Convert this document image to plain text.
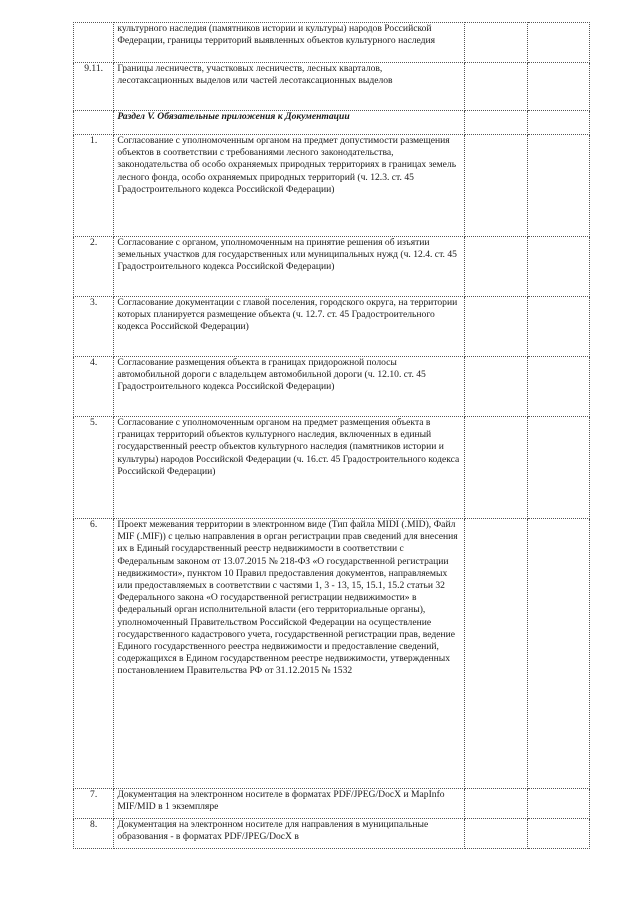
	культурного наследия (памятников истории и культуры) народов Российской Федерации, границы территорий выявленных объектов культурного наследия		
9.11.	Границы лесничеств, участковых лесничеств, лесных кварталов, лесотаксационных выделов или частей лесотаксационных выделов		
	Раздел V. Обязательные приложения к Документации		
1.	Согласование с уполномоченным органом на предмет допустимости размещения объектов в соответствии с требованиями лесного законодательства, законодательства об особо охраняемых природных территориях в границах земель лесного фонда, особо охраняемых природных территорий (ч. 12.3. ст. 45 Градостроительного кодекса Российской Федерации)		
2.	Согласование с органом, уполномоченным на принятие решения об изъятии земельных участков для государственных или муниципальных нужд (ч. 12.4. ст. 45 Градостроительного кодекса Российской Федерации)		
3.	Согласование документации с главой поселения, городского округа, на территории которых планируется размещение объекта (ч. 12.7. ст. 45 Градостроительного кодекса Российской Федерации)		
4.	Согласование размещения объекта в границах придорожной полосы автомобильной дороги с владельцем автомобильной дороги (ч. 12.10. ст. 45 Градостроительного кодекса Российской Федерации)		
5.	Согласование с уполномоченным органом на предмет размещения объекта в границах территорий объектов культурного наследия, включенных в единый государственный реестр объектов культурного наследия (памятников истории и культуры) народов Российской Федерации (ч. 16.ст. 45 Градостроительного кодекса Российской Федерации)		
6.	Проект межевания территории в электронном виде (Тип файла MIDI (.MID), Файл MIF (.MIF)) с целью направления в орган регистрации прав сведений для внесения их в Единый государственный реестр недвижимости в соответствии с Федеральным законом от 13.07.2015 № 218-ФЗ «О государственной регистрации недвижимости», пунктом 10 Правил предоставления документов, направляемых или предоставляемых в соответствии с частями 1, 3 - 13, 15, 15.1, 15.2 статьи 32 Федерального закона «О государственной регистрации недвижимости» в федеральный орган исполнительной власти (его территориальные органы), уполномоченный Правительством Российской Федерации на осуществление государственного кадастрового учета, государственной регистрации прав, ведение Единого государственного реестра недвижимости и предоставление сведений, содержащихся в Едином государственном реестре недвижимости, утвержденных постановлением Правительства РФ от 31.12.2015 № 1532		
7.	Документация на электронном носителе в форматах PDF/JPEG/DocX и MapInfo MIF/MID в 1 экземпляре		
8.	Документация на электронном носителе для направления в муниципальные образования - в форматах PDF/JPEG/DocX в		
